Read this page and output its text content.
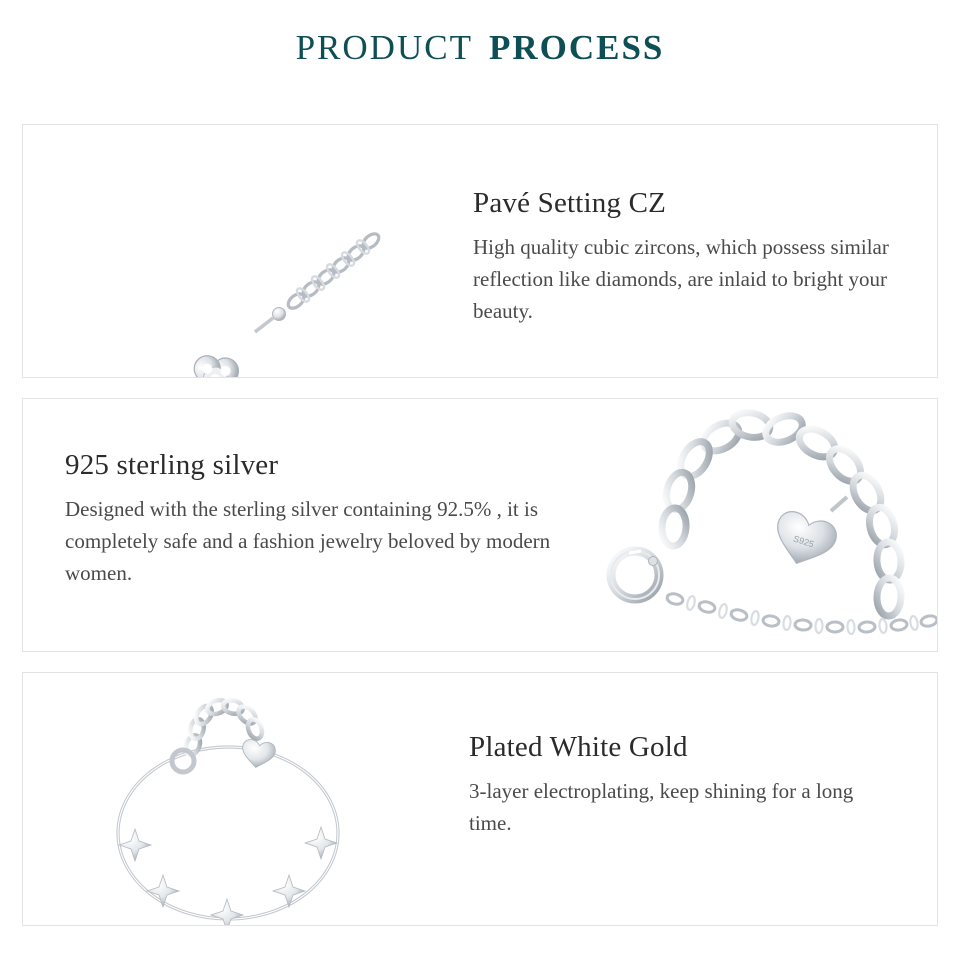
PRODUCT PROCESS
Pavé Setting CZ

High quality cubic zircons, which possess similar reflection like diamonds, are inlaid to bright your beauty.

925 sterling silver

Designed with the sterling silver containing 92.5% , it is completely safe and a fashion jewelry beloved by modern women.

S925
Plated White Gold

3-layer electroplating, keep shining for a long time.
